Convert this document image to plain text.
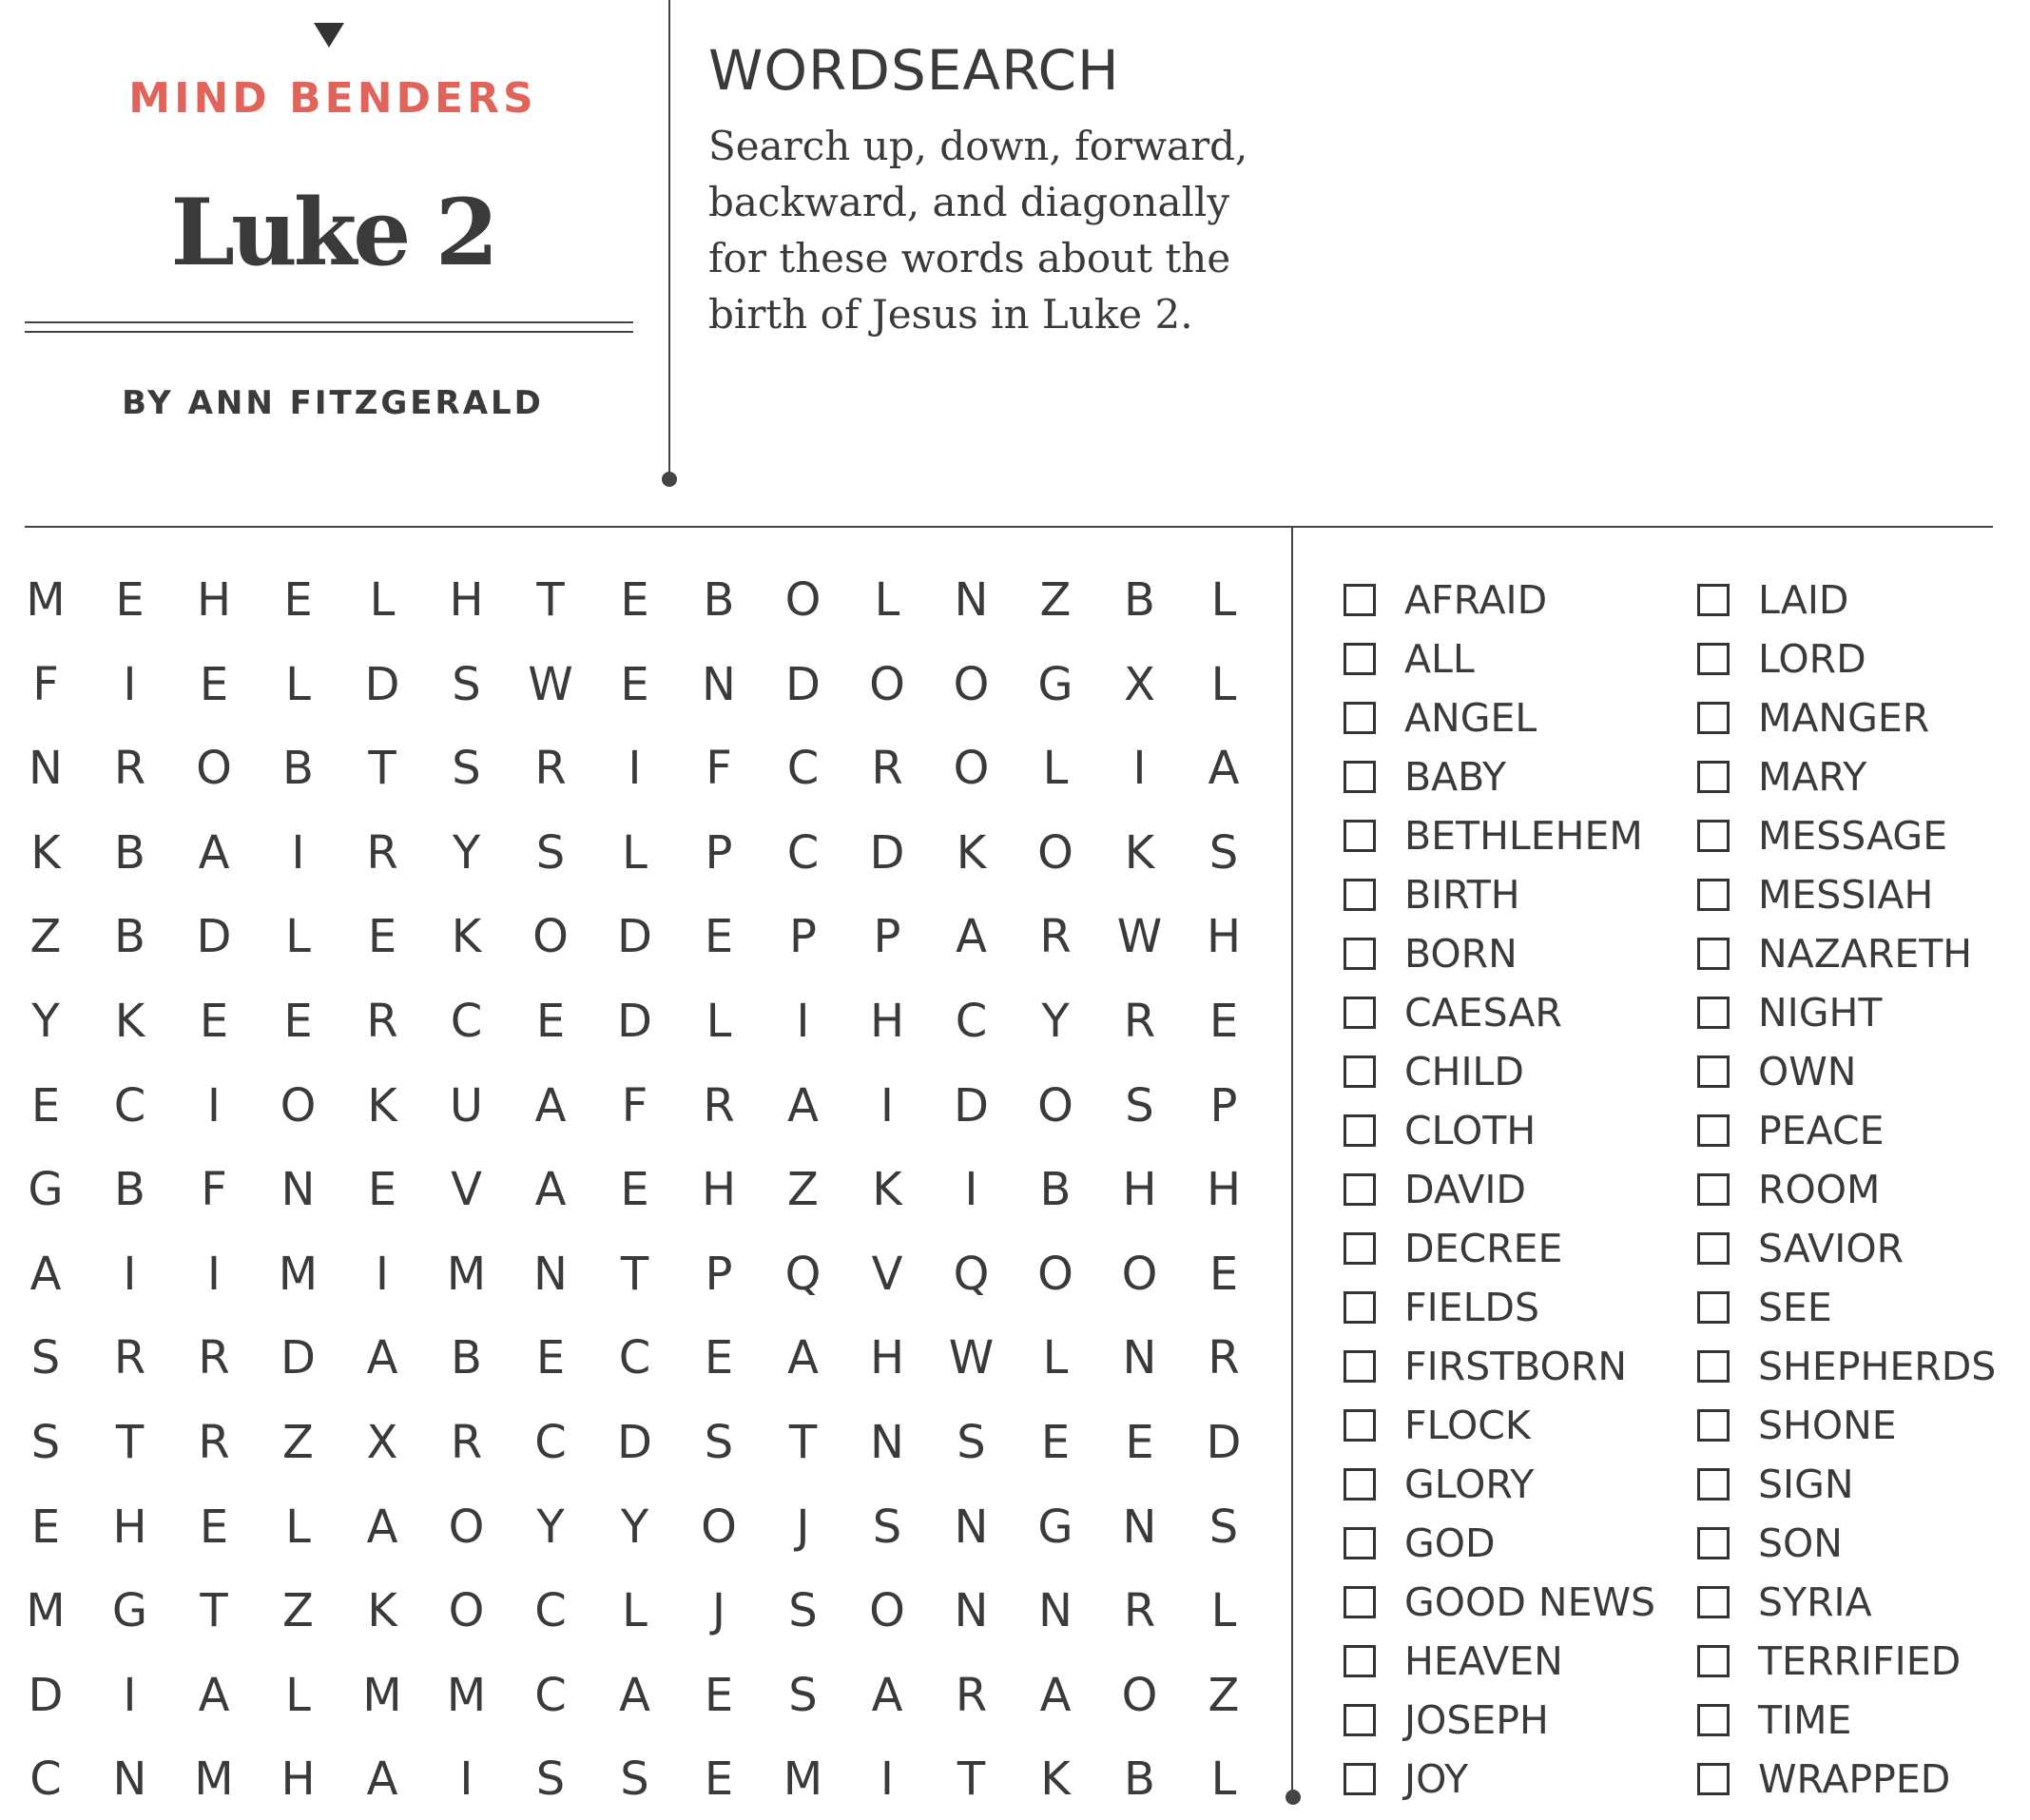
MIND BENDERS
Luke 2
BY ANN FITZGERALD
WORDSEARCH

Search up, down, forward, backward, and diagonally for these words about the birth of Jesus in Luke 2.

M	E	H	E	L	H	T	E	B O	L	N Z B	L
F	I	E	L	D	S	W	E	N D O O G X	L
N R O B	T	S	R	I	F	C R O	L	I	A
K B A	I	R	Y	S	L	P	C D K O K	S
Z B D	L	E	K O D	E	P	P	A R W H
Y	K	E	E	R C	E	D	L	I	H C	Y	R	E
E	C	I	O K U A	F	R A	I	D O	S	P
G B	F	N	E	V A	E	H Z K	I	B H H
A	I	I	M	I	M N	T	P	Q V Q O O	E
S	R R D A B	E	C	E	A H W	L	N R
S	T	R Z X R C D	S	T	N	S	E	E	D
E	H	E	L	A O	Y	Y	O	J	S	N G N	S
M G	T	Z K O C	L	J	S	O N N R	L
D	I	A	L	M M C A	E	S	A R A O Z
C N M H A	I	S	S	E	M	I	T	K B	L
AFRAID
ALL
ANGEL
BABY
BETHLEHEM
BIRTH
BORN
CAESAR
CHILD
CLOTH
DAVID
DECREE
FIELDS
FIRSTBORN
FLOCK
GLORY
GOD
GOOD NEWS
HEAVEN
JOSEPH
JOY
LAID
LORD
MANGER
MARY
MESSAGE
MESSIAH
NAZARETH
NIGHT
OWN
PEACE
ROOM
SAVIOR
SEE
SHEPHERDS
SHONE
SIGN
SON
SYRIA
TERRIFIED
TIME
WRAPPED
